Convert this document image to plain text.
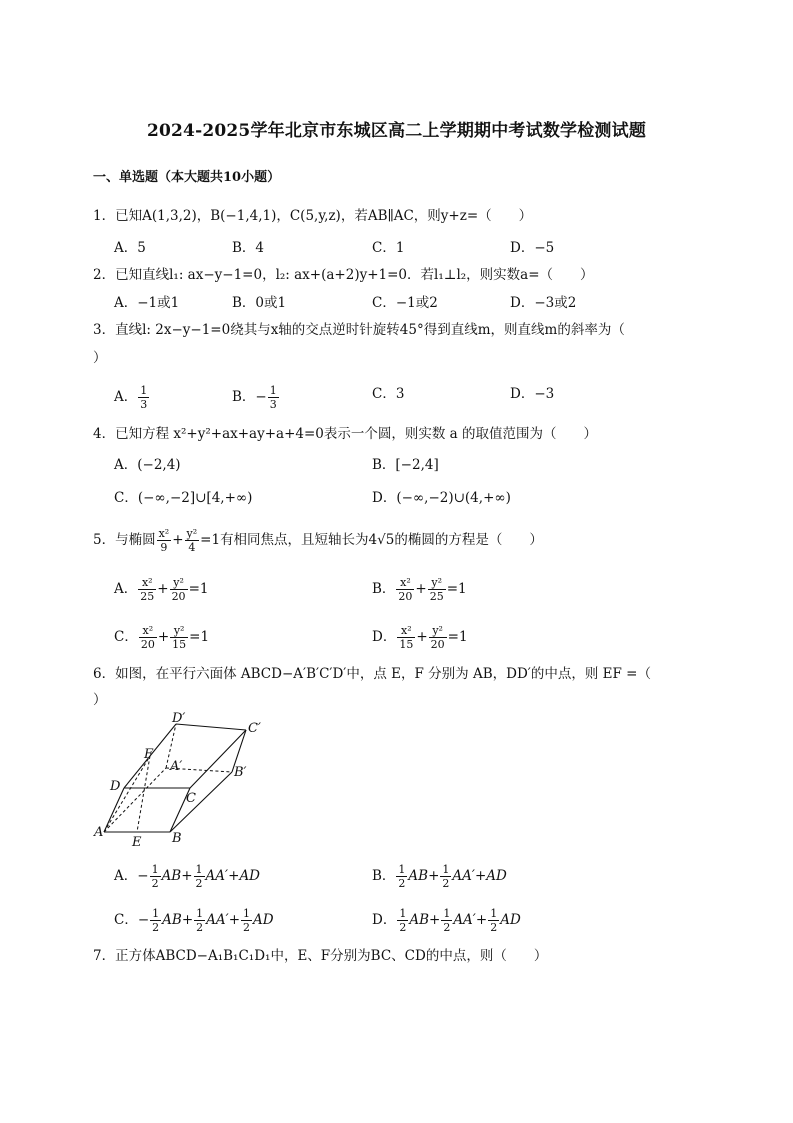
2024-2025学年北京市东城区高二上学期期中考试数学检测试题
一、单选题（本大题共10小题）
1．已知A(1,3,2)，B(−1,4,1)，C(5,y,z)，若AB∥AC，则y+z=（　　）
A．5	B．4	C．1	D．−5
2．已知直线l₁: ax−y−1=0，l₂: ax+(a+2)y+1=0．若l₁⊥l₂，则实数a=（　　）
A．−1或1	B．0或1	C．−1或2	D．−3或2
3．直线l: 2x−y−1=0绕其与x轴的交点逆时针旋转45°得到直线m，则直线m的斜率为（
）
A． $\frac{1}{3}$	B．− $\frac{1}{3}$	C．3	D．−3
4．已知方程 x²+y²+ax+ay+a+4=0表示一个圆，则实数 a 的取值范围为（　　）
A．(−2,4)	B．[−2,4]
C．(−∞,−2]∪[4,+∞)	D．(−∞,−2)∪(4,+∞)
5．与椭圆 $\frac{\text{x²}}{9} + \frac{\text{y²}}{4} =1$有相同焦点，且短轴长为4√5的椭圆的方程是（　　）
A． $\frac{\text{x²}}{25} + \frac{\text{y²}}{20} =1$	B． $\frac{\text{x²}}{20} + \frac{\text{y²}}{25} =1$
C． $\frac{\text{x²}}{20} + \frac{\text{y²}}{15} =1$	D． $\frac{\text{x²}}{15} + \frac{\text{y²}}{20} =1$
6．如图，在平行六面体 ABCD−A′B′C′D′中，点 E，F 分别为 AB，DD′的中点，则 EF =（
）
D′
C′
F
A′	B′
D
C
A
E B
A．− $\frac{1}{2} AB+ \frac{1}{2} AA'+AD$	B． $\frac{1}{2} AB+ \frac{1}{2} AA'+AD$
C．− $\frac{1}{2} AB+ \frac{1}{2} AA'+ \frac{1}{2}$ AD	D． $\frac{1}{2} AB+ \frac{1}{2} AA'+ \frac{1}{2}$ AD
7．正方体ABCD−A₁B₁C₁D₁中，E、F分别为BC、CD的中点，则（　　）
